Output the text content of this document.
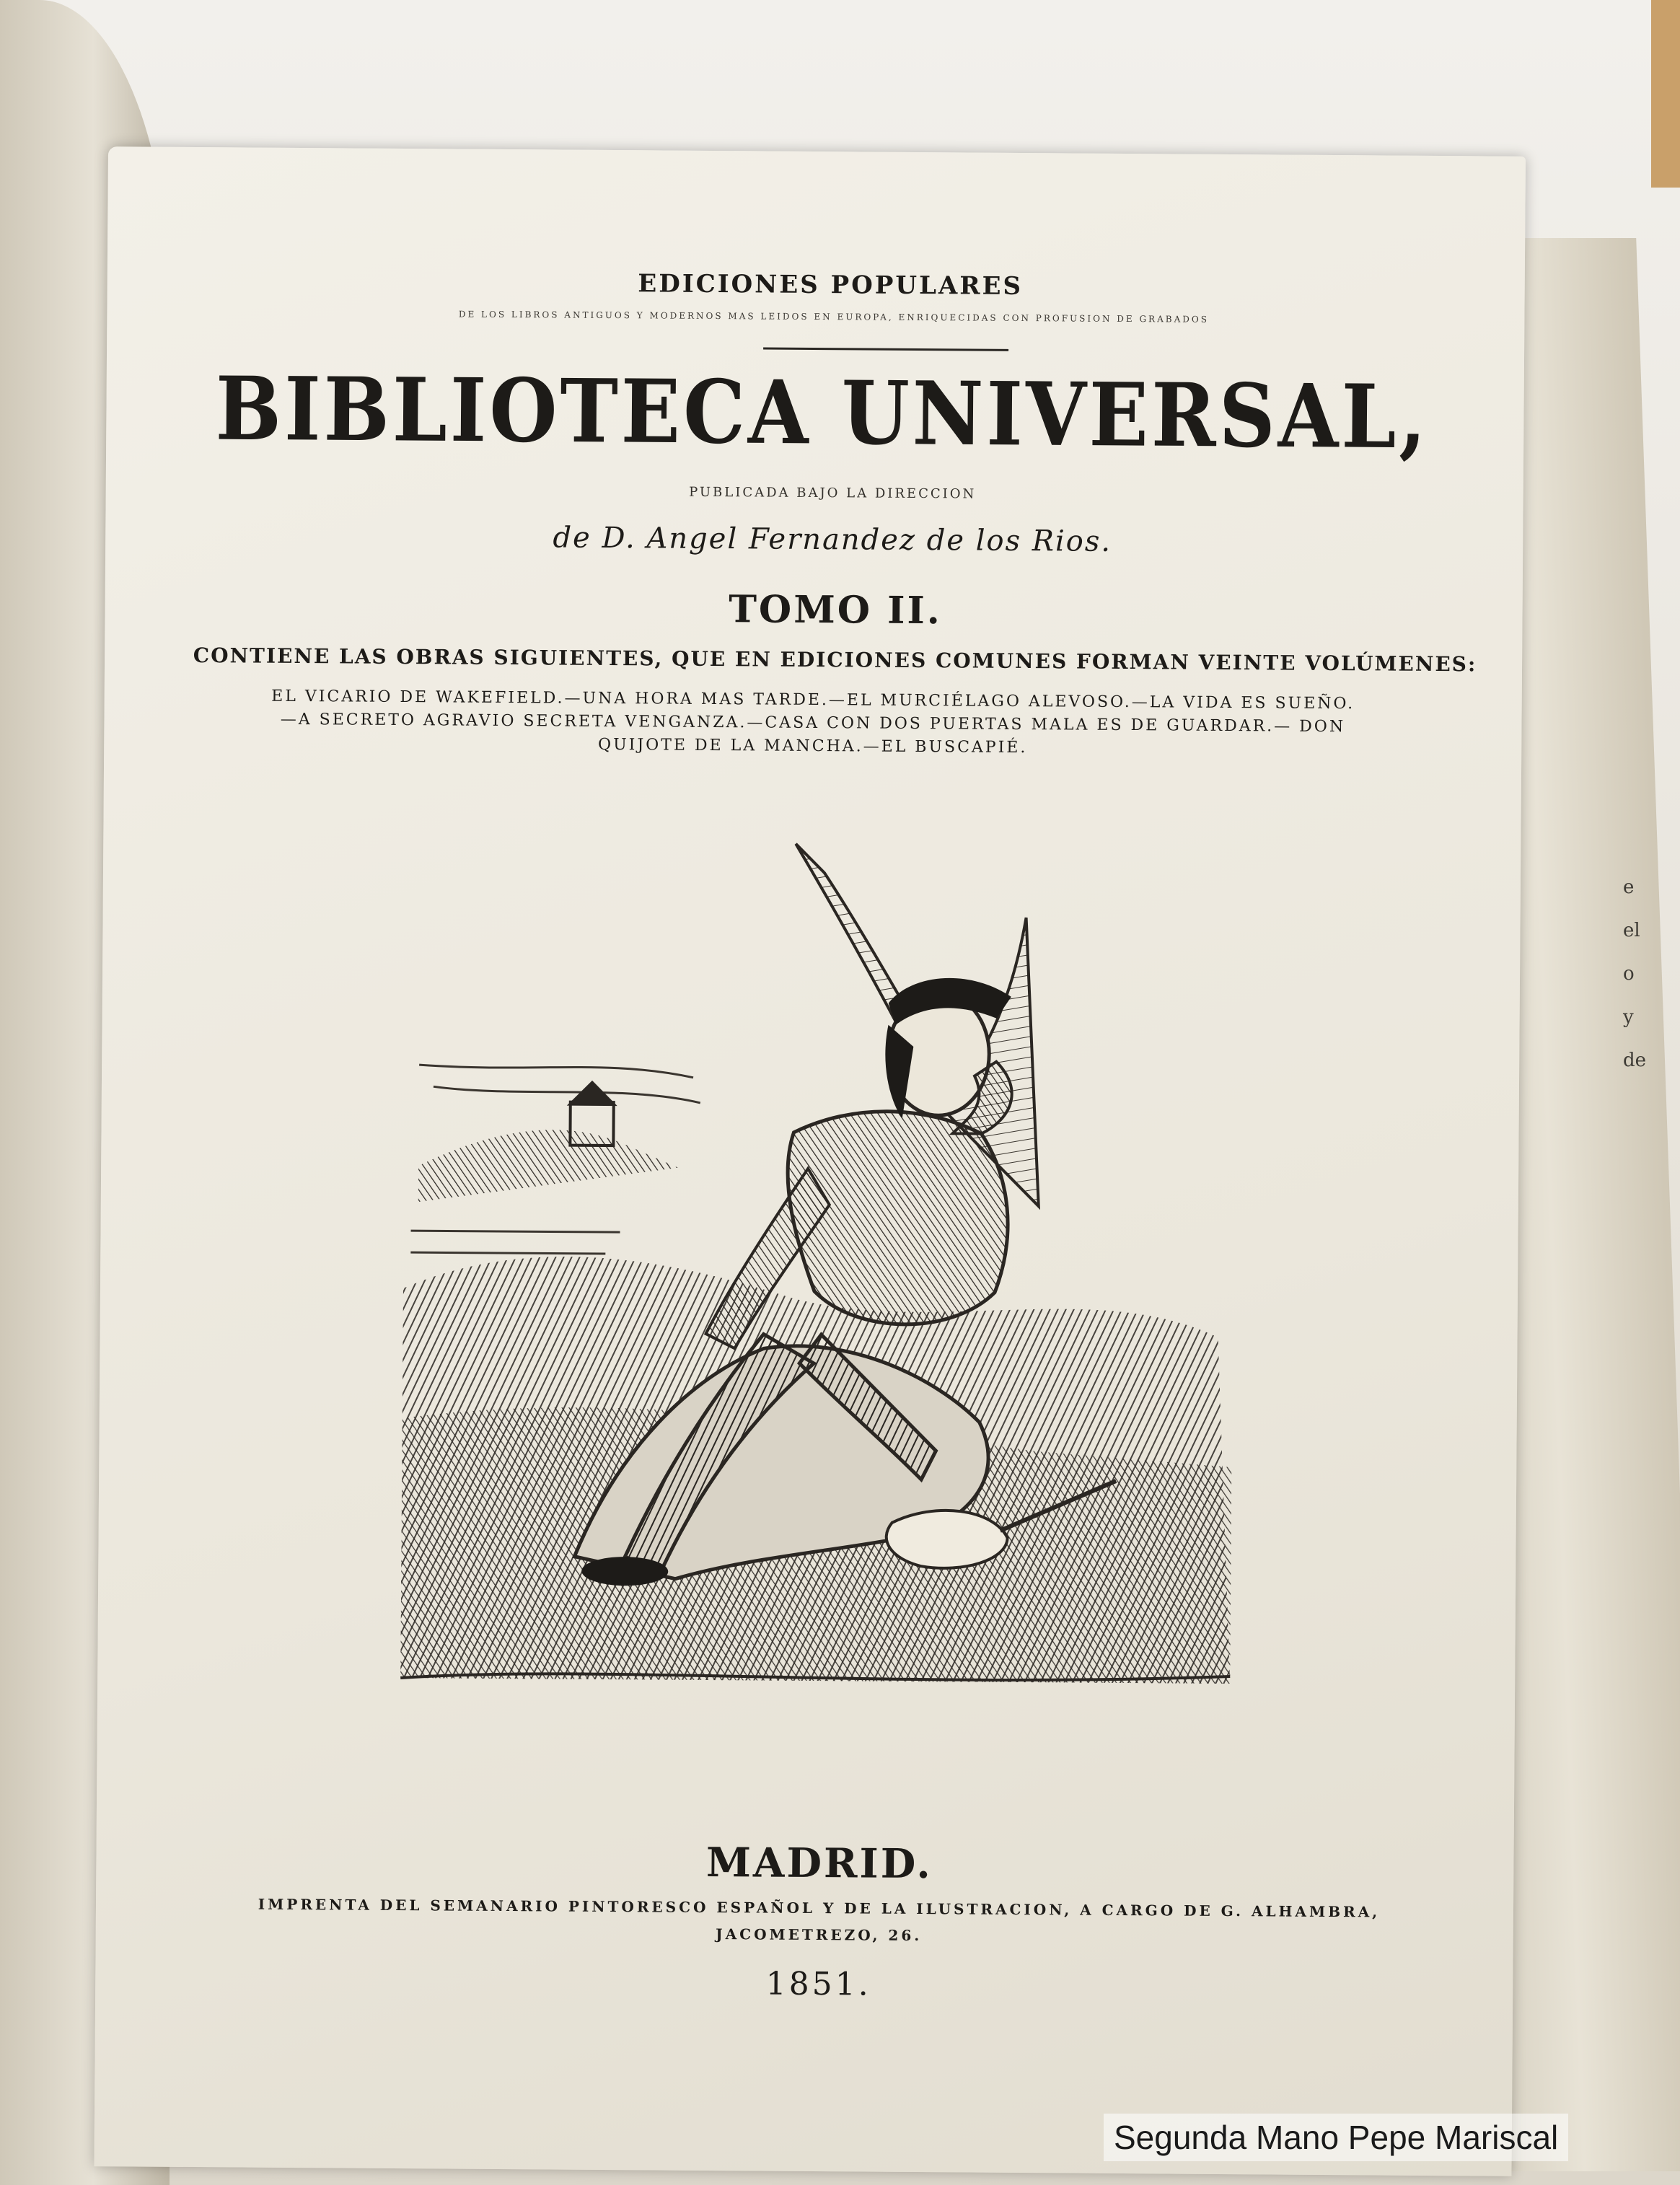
e
el
o
y
de
EDICIONES POPULARES
DE LOS LIBROS ANTIGUOS Y MODERNOS MAS LEIDOS EN EUROPA, ENRIQUECIDAS CON PROFUSION DE GRABADOS
BIBLIOTECA UNIVERSAL,
PUBLICADA BAJO LA DIRECCION
de D. Angel Fernandez de los Rios.
TOMO II.
CONTIENE LAS OBRAS SIGUIENTES, QUE EN EDICIONES COMUNES FORMAN VEINTE VOLÚMENES:
EL VICARIO DE WAKEFIELD.—UNA HORA MAS TARDE.—EL MURCIÉLAGO ALEVOSO.—LA VIDA ES SUEÑO.—A SECRETO AGRAVIO SECRETA VENGANZA.—CASA CON DOS PUERTAS MALA ES DE GUARDAR.— DON QUIJOTE DE LA MANCHA.—EL BUSCAPIÉ.
MADRID.
IMPRENTA DEL SEMANARIO PINTORESCO ESPAÑOL Y DE LA ILUSTRACION, A CARGO DE G. ALHAMBRA,
JACOMETREZO, 26.
1851.
Segunda Mano Pepe Mariscal
